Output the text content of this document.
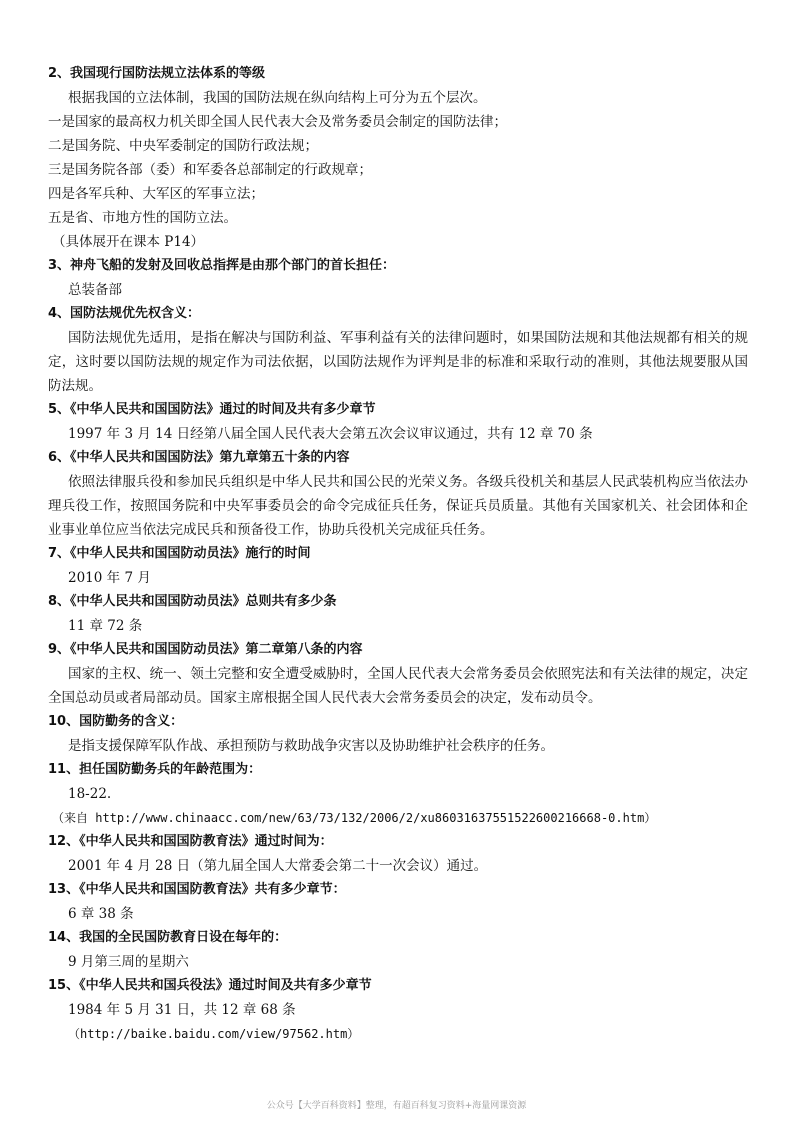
2、我国现行国防法规立法体系的等级
根据我国的立法体制，我国的国防法规在纵向结构上可分为五个层次。
一是国家的最高权力机关即全国人民代表大会及常务委员会制定的国防法律；
二是国务院、中央军委制定的国防行政法规；
三是国务院各部（委）和军委各总部制定的行政规章；
四是各军兵种、大军区的军事立法；
五是省、市地方性的国防立法。
（具体展开在课本 P14）
3、神舟飞船的发射及回收总指挥是由那个部门的首长担任：
总装备部
4、国防法规优先权含义：
国防法规优先适用，是指在解决与国防利益、军事利益有关的法律问题时，如果国防法规和其他法规都有相关的规定，这时要以国防法规的规定作为司法依据，以国防法规作为评判是非的标准和采取行动的准则，其他法规要服从国防法规。
5、《中华人民共和国国防法》通过的时间及共有多少章节
1997 年 3 月 14 日经第八届全国人民代表大会第五次会议审议通过，共有 12 章 70 条
6、《中华人民共和国国防法》第九章第五十条的内容
依照法律服兵役和参加民兵组织是中华人民共和国公民的光荣义务。各级兵役机关和基层人民武装机构应当依法办理兵役工作，按照国务院和中央军事委员会的命令完成征兵任务，保证兵员质量。其他有关国家机关、社会团体和企业事业单位应当依法完成民兵和预备役工作，协助兵役机关完成征兵任务。
7、《中华人民共和国国防动员法》施行的时间
2010 年 7 月
8、《中华人民共和国国防动员法》总则共有多少条
11 章 72 条
9、《中华人民共和国国防动员法》第二章第八条的内容
国家的主权、统一、领土完整和安全遭受威胁时，全国人民代表大会常务委员会依照宪法和有关法律的规定，决定全国总动员或者局部动员。国家主席根据全国人民代表大会常务委员会的决定，发布动员令。
10、国防勤务的含义：
是指支援保障军队作战、承担预防与救助战争灾害以及协助维护社会秩序的任务。
11、担任国防勤务兵的年龄范围为：
18-22.
（来自 http://www.chinaacc.com/new/63/73/132/2006/2/xu86031637551522600216668-0.htm）
12、《中华人民共和国国防教育法》通过时间为：
2001 年 4 月 28 日（第九届全国人大常委会第二十一次会议）通过。
13、《中华人民共和国国防教育法》共有多少章节：
6 章 38 条
14、我国的全民国防教育日设在每年的：
9 月第三周的星期六
15、《中华人民共和国兵役法》通过时间及共有多少章节
1984 年 5 月 31 日，共 12 章 68 条
（http://baike.baidu.com/view/97562.htm）
公众号【大学百科资料】整理，有超百科复习资料+海量网课资源
